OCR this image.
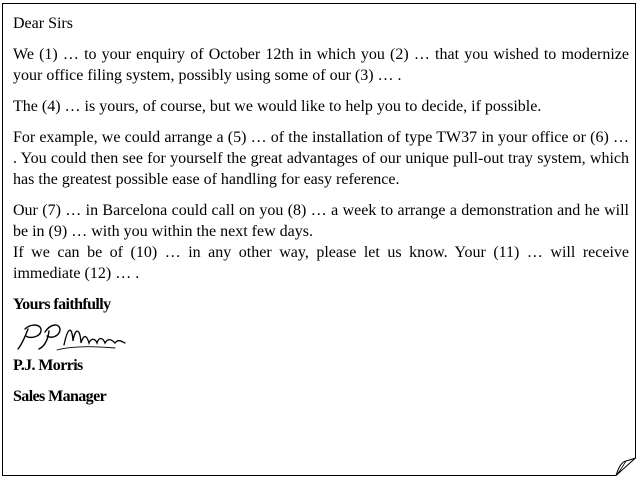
Dear Sirs

We (1) … to your enquiry of October 12th in which you (2) … that you wished to modernize your office filing system, possibly using some of our (3) … .

The (4) … is yours, of course, but we would like to help you to decide, if possible.

For example, we could arrange a (5) … of the installation of type TW37 in your office or (6) … . You could then see for yourself the great advantages of our unique pull-out tray system, which has the greatest possible ease of handling for easy reference.

Our (7) … in Barcelona could call on you (8) … a week to arrange a demonstration and he will be in (9) … with you within the next few days.
If we can be of (10) … in any other way, please let us know. Your (11) … will receive immediate (12) … .

Yours faithfully

P.J. Morris

Sales Manager
